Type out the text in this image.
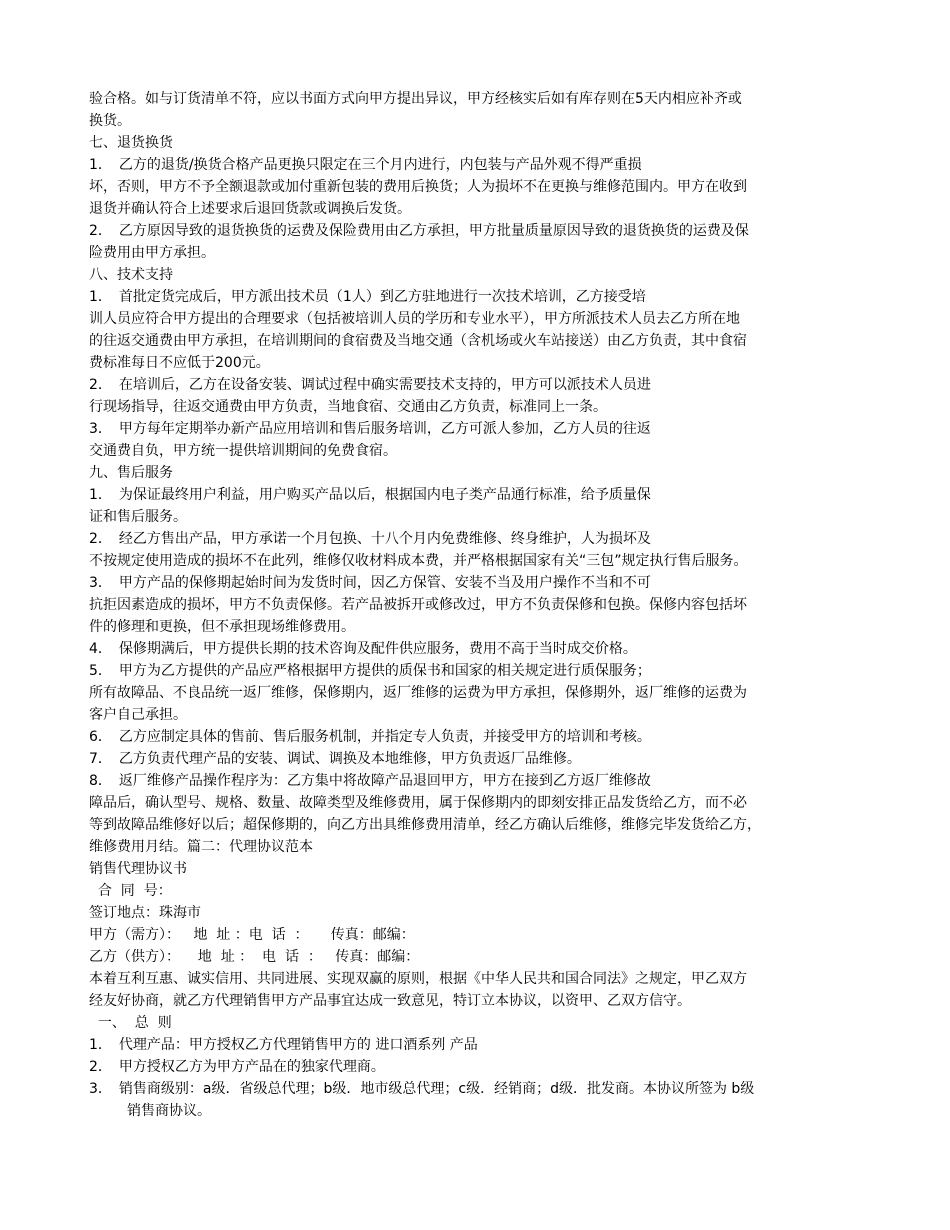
验合格。如与订货清单不符，应以书面方式向甲方提出异议，甲方经核实后如有库存则在5天内相应补齐或
换货。
七、退货换货
1．　乙方的退货/换货合格产品更换只限定在三个月内进行，内包装与产品外观不得严重损
坏，否则，甲方不予全额退款或加付重新包装的费用后换货；人为损坏不在更换与维修范围内。甲方在收到
退货并确认符合上述要求后退回货款或调换后发货。
2．　乙方原因导致的退货换货的运费及保险费用由乙方承担，甲方批量质量原因导致的退货换货的运费及保
险费用由甲方承担。
八、技术支持
1．　首批定货完成后，甲方派出技术员（1人）到乙方驻地进行一次技术培训，乙方接受培
训人员应符合甲方提出的合理要求（包括被培训人员的学历和专业水平），甲方所派技术人员去乙方所在地
的往返交通费由甲方承担，在培训期间的食宿费及当地交通（含机场或火车站接送）由乙方负责，其中食宿
费标准每日不应低于200元。
2．　在培训后，乙方在设备安装、调试过程中确实需要技术支持的，甲方可以派技术人员进
行现场指导，往返交通费由甲方负责，当地食宿、交通由乙方负责，标准同上一条。
3．　甲方每年定期举办新产品应用培训和售后服务培训，乙方可派人参加，乙方人员的往返
交通费自负，甲方统一提供培训期间的免费食宿。
九、售后服务
1．　为保证最终用户利益，用户购买产品以后，根据国内电子类产品通行标准，给予质量保
证和售后服务。
2．　经乙方售出产品，甲方承诺一个月包换、十八个月内免费维修、终身维护，人为损坏及
不按规定使用造成的损坏不在此列，维修仅收材料成本费，并严格根据国家有关“三包”规定执行售后服务。
3．　甲方产品的保修期起始时间为发货时间，因乙方保管、安装不当及用户操作不当和不可
抗拒因素造成的损坏，甲方不负责保修。若产品被拆开或修改过，甲方不负责保修和包换。保修内容包括坏
件的修理和更换，但不承担现场维修费用。
4．　保修期满后，甲方提供长期的技术咨询及配件供应服务，费用不高于当时成交价格。
5．　甲方为乙方提供的产品应严格根据甲方提供的质保书和国家的相关规定进行质保服务；
所有故障品、不良品统一返厂维修，保修期内，返厂维修的运费为甲方承担，保修期外，返厂维修的运费为
客户自己承担。
6．　乙方应制定具体的售前、售后服务机制，并指定专人负责，并接受甲方的培训和考核。
7．　乙方负责代理产品的安装、调试、调换及本地维修，甲方负责返厂品维修。
8．　返厂维修产品操作程序为：乙方集中将故障产品退回甲方，甲方在接到乙方返厂维修故
障品后，确认型号、规格、数量、故障类型及维修费用，属于保修期内的即刻安排正品发货给乙方，而不必
等到故障品维修好以后；超保修期的，向乙方出具维修费用清单，经乙方确认后维修，维修完毕发货给乙方，
维修费用月结。篇二：代理协议范本
销售代理协议书
合  同  号：
签订地点：珠海市
甲方（需方）：   地  址 ：电  话  ：     传真：邮编：
乙方（供方）：    地  址 ：  电  话  ：   传真：邮编：
本着互利互惠、诚实信用、共同进展、实现双赢的原则，根据《中华人民共和国合同法》之规定，甲乙双方
经友好协商，就乙方代理销售甲方产品事宜达成一致意见，特订立本协议，以资甲、乙双方信守。
一、  总  则
1．　代理产品：甲方授权乙方代理销售甲方的 进口酒系列 产品
2．　甲方授权乙方为甲方产品在的独家代理商。
3．　销售商级别：a级．省级总代理；b级．地市级总代理；c级．经销商；d级．批发商。本协议所签为 b级
销售商协议。
